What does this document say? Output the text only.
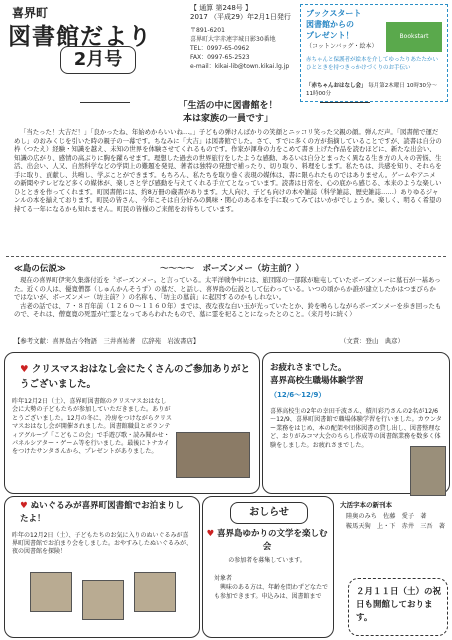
喜界町
図書館だより
2月号
【 通算 第248号 】
2017 （平成29）年2月1日発行
〒891-6201
喜界町大字赤連字城日影30番地
TEL：0997-65-0962
FAX：0997-65-2523
e-mail：kikai-lib@town.kikai.lg.jp
ブックスタート
図書館からの
プレゼント！
（コットンバッグ・絵本）
Bookstart
赤ちゃんと保護者が絵本を介してゆったりあたたかいひとときを持つきっかけづくりのお手伝い
「赤ちゃんおはなし会」 毎月第2木曜日 10時30分～11時00分
「生活の中に図書館を！
本は家族の一員です」
「当たった！大吉だ！」「良かったね、年始めからいいね…。」子どもの弾けんばかりの笑顔とニッコリ笑った父親の顔。弾んだ声。「図書館で運だめし」のおみくじを引いた時の親子の一幕です。ちなみに「大吉」は図書館でした。さて、すでに多くの方が指摘していることですが、読書は自分の枠（つたえ）経験・知識を越え、未知の世界を体験させてくれるものです。作家が渾身の力をこめて書き上げた作品を読むほどに、新たな出会い、知識の広がり、感情の高ぶりに胸を躍らせます。理想した過去の世界旅行をしたような感動、あるいは自分とまったく異なる生き方の人々の苦悩、生活、出会い、人又、自然科学などの学問上の難題を発見、著者は独特の発想で補ったり、切り取り、料理をします。私たちは、共感を知り、それらを手に取り、貢献し、共鳴し、学ぶことができます。もちろん、私たちを取り巻く表現の媒体は、書に限られたものではありません。ゲームやアニメの新聞やテレビなど多くの媒体が、楽しさと学び感動を与えてくれる手立てとなっています。読書は日常を、心の底から感じる、本来のような楽しいひとときを作ってくれます。町図書館には、約8万冊の蔵書があります。大人向け、子ども向けの本や雑誌（科学雑誌、歴史雑誌……）ありゆるジャンルの本を揃えております。町民の皆さん、今年こそは自分好みの興味・関心のある本を手に取ってみてはいかがでしょうか。楽しく、明るく希望の持てる一年になるかも知れません。町民の皆様のご来館をお待ちしています。
≪島の伝説≫	～～～～　ボーズンメー（坊主前？）
現在の喜界町伊実久集落付近を〝ボーズンメー〟と言っている。太平洋戦争中には、旅団隊の一部隊が駐屯していたボーズンメーに墓石が一基あった。近くの人は、優寛僧都（しゅんかんそうず）の墓だ、と話し、喜界島の伝説として伝わっている。いつの頃からか誰が建立したかはつまびらかではないが、ボーズンメー（坊主前？）の名称も、「坊主の墓前」に起因するのかもしれない。
古老の話では、７・８百年前（１２６０～１１６０年）までは、夜な夜な白い玉が光っていたとか、鈴を鳴らしながらボーズンメーを歩き回ったもので、それは、僧寛寛の死霊が亡霊となってあらわれたもので、墓に霊を祀ることになったとのこと。（来月号に続く）
【参考文献：喜界島古今物語　三井喜祐著　広辞苑　岩波書店】	（文責：登山　典彦）
♥ クリスマスおはなし会にたくさんのご参加ありがとうございました。
昨年12月2日（土）、喜界町図書館のクリスマスおはなし会に大勢の子どもたちが参加していただきました。ありがとうございました。12月の冬に、冷房をつけながらクリスマスおはなし会が開催されました。図書館職員とボランティアグループ「こどもこの会」で手遊び歌・読み聞かせ・パネルシアター・ゲーム等を行いました。最後にトナカイをつけたサンタさんから、プレゼントがありました。
お疲れさまでした。
喜界高校生職場体験学習
（12/6～12/9）
喜界高校生の2年の幸田千波さん、積川彩乃さんの2名が12/6～12/9、喜界町図書館で職場体験学習を行いました。カウンター業務をはじめ、本の配架や団体図書の貸し出し、図書整理など、おりがみコマ大会のちらし作成等の図書館業務を数多く体験をしました。お疲れさまでした。
♥ ぬいぐるみが喜界町図書館でお泊まりしたよ！
昨年の12月2日（土）、子どもたちのお気に入りのぬいぐるみが喜界町図書館でお泊まり会をしました。おやすみしたぬいぐるみが、夜の図書館を探険！
おしらせ
♥ 喜界島ゆかりの文学を楽しむ会
の参加者を募集しています。
対象者
興味のある方は、年齢を問わずどなたでも参加できます。申込みは、図書館まで
大活字本の新刊本
陸奥のみち　佐藤　愛子　著
鞍馬天狗　上・下　赤井　三吾　著
２月１１日（土）の祝日も開館しております。
